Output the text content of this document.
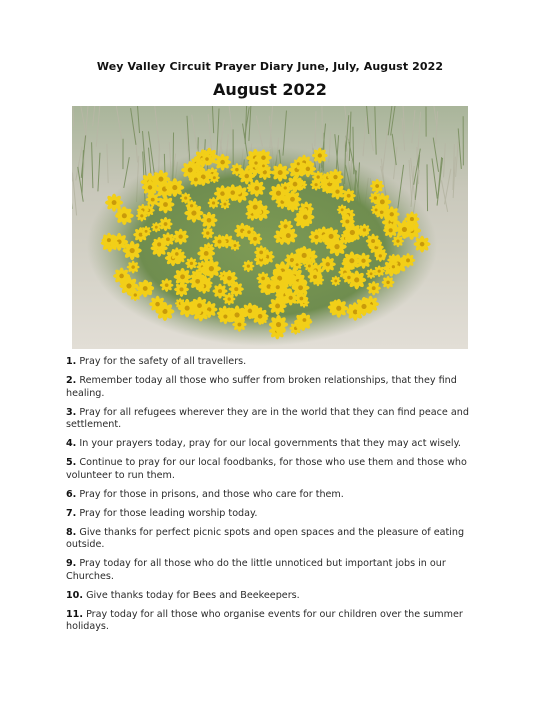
Wey Valley Circuit Prayer Diary June, July, August 2022
August 2022
1. Pray for the safety of all travellers.
2. Remember today all those who suffer from broken relationships, that they find healing.
3. Pray for all refugees wherever they are in the world that they can find peace and settlement.
4. In your prayers today, pray for our local governments that they may act wisely.
5. Continue to pray for our local foodbanks, for those who use them and those who volunteer to run them.
6. Pray for those in prisons, and those who care for them.
7. Pray for those leading worship today.
8. Give thanks for perfect picnic spots and open spaces and the pleasure of eating outside.
9. Pray today for all those who do the little unnoticed but important jobs in our Churches.
10. Give thanks today for Bees and Beekeepers.
11. Pray today for all those who organise events for our children over the summer holidays.
